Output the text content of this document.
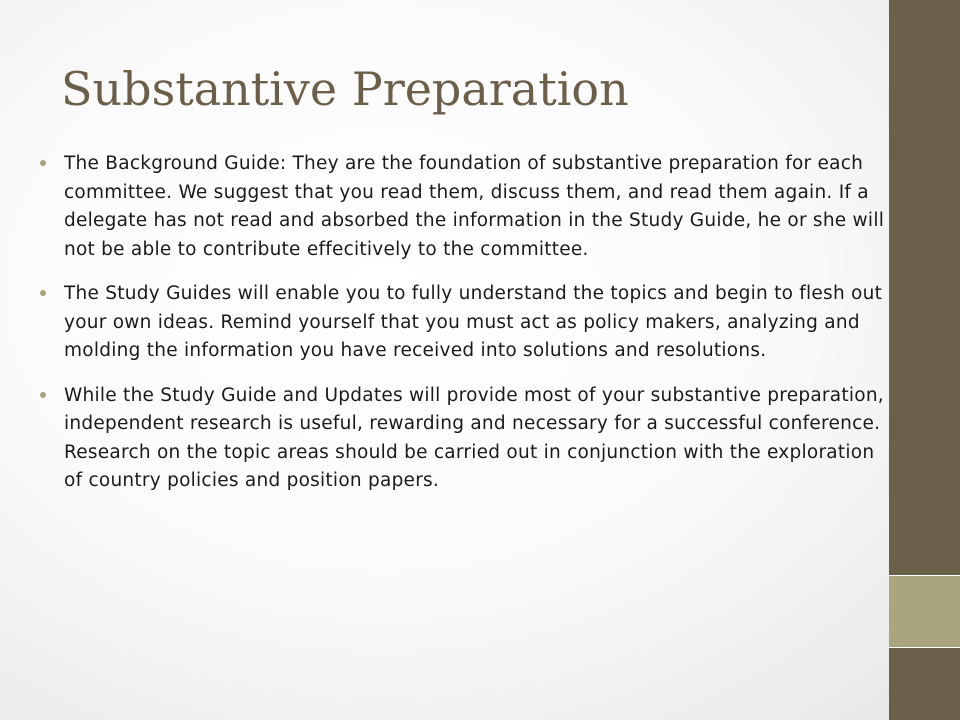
Substantive Preparation
The Background Guide: They are the foundation of substantive preparation for each committee. We suggest that you read them, discuss them, and read them again. If a delegate has not read and absorbed the information in the Study Guide, he or she will not be able to contribute effecitively to the committee.
The Study Guides will enable you to fully understand the topics and begin to flesh out your own ideas. Remind yourself that you must act as policy makers, analyzing and molding the information you have received into solutions and resolutions.
While the Study Guide and Updates will provide most of your substantive preparation, independent research is useful, rewarding and necessary for a successful conference. Research on the topic areas should be carried out in conjunction with the exploration of country policies and position papers.
